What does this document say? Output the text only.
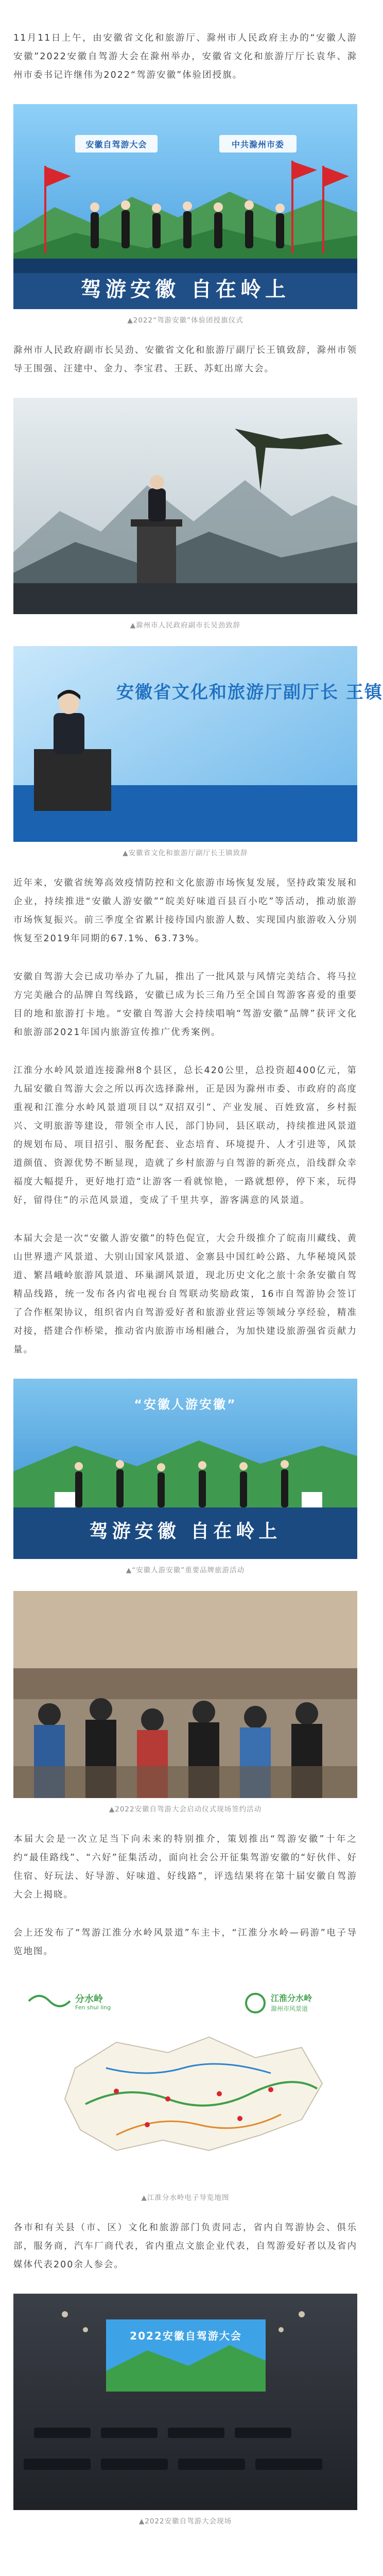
11月11日上午，由安徽省文化和旅游厅、滁州市人民政府主办的“安徽人游安徽”2022安徽自驾游大会在滁州举办，安徽省文化和旅游厅厅长袁华、滁州市委书记许继伟为2022“驾游安徽”体验团授旗。

安徽自驾游大会	中共滁州市委
驾游安徽 自在岭上
▲2022“驾游安徽”体验团授旗仪式

滁州市人民政府副市长吴劲、安徽省文化和旅游厅副厅长王镇致辞，滁州市领导王围强、汪建中、金力、李宝君、王跃、苏虹出席大会。

▲滁州市人民政府副市长吴劲致辞
安徽省文化和旅游厅副厅长 王镇
▲安徽省文化和旅游厅副厅长王镇致辞

近年来，安徽省统筹高效疫情防控和文化旅游市场恢复发展，坚持政策发展和企业，持续推进“安徽人游安徽”“皖美好味道百县百小吃”等活动，推动旅游市场恢复振兴。前三季度全省累计接待国内旅游人数、实现国内旅游收入分别恢复至2019年同期的67.1%、63.73%。

安徽自驾游大会已成功举办了九届，推出了一批风景与风情完美结合、将马拉方完美融合的品牌自驾线路，安徽已成为长三角乃至全国自驾游客喜爱的重要目的地和旅游打卡地。“安徽自驾游大会持续唱响“驾游安徽”品牌”获评文化和旅游部2021年国内旅游宣传推广优秀案例。

江淮分水岭风景道连接滁州8个县区，总长420公里，总投资超400亿元，第九届安徽自驾游大会之所以再次选择滁州，正是因为滁州市委、市政府的高度重视和江淮分水岭风景道项目以“双招双引”、产业发展、百姓致富，乡村振兴、文明旅游等建设，带领全市人民，部门协同，县区联动，持续推进风景道的规划布局、项目招引、服务配套、业态培育、环境提升、人才引进等，风景道颜值、资源优势不断显现，造就了乡村旅游与自驾游的新亮点，沿线群众幸福度大幅提升，更好地打造“让游客一看就惊艳，一路就想停，停下来，玩得好，留得住”的示范风景道，变成了千里共享，游客满意的风景道。

本届大会是一次“安徽人游安徽”的特色促宣，大会升级推介了皖南川藏线、黄山世界遗产风景道、大别山国家风景道、金寨县中国红岭公路、九华秘境风景道、繁昌峨岭旅游风景道、环巢湖风景道，现北历史文化之旅十余条安徽自驾精品线路，统一发布各内省电视台自驾联动奖励政策，16市自驾游协会签订了合作框架协议，组织省内自驾游爱好者和旅游业营运等领域分享经验，精准对接，搭建合作桥梁，推动省内旅游市场相融合，为加快建设旅游强省贡献力量。

“安徽人游安徽”
驾游安徽 自在岭上
▲“安徽人游安徽”重要品牌旅游活动
▲2022安徽自驾游大会启动仪式现场签约活动

本届大会是一次立足当下向未来的特别推介，策划推出“驾游安徽”十年之约“最佳路线”、“六好”征集活动，面向社会公开征集驾游安徽的“好伙伴、好住宿、好玩法、好导游、好味道、好线路”，评选结果将在第十届安徽自驾游大会上揭晓。

会上还发布了“驾游江淮分水岭风景道”车主卡，“江淮分水岭—码游”电子导览地图。

分水岭
Fen shui ling
江淮分水岭
滁州市风景道
▲江淮分水岭电子导览地图

各市和有关县（市、区）文化和旅游部门负责同志，省内自驾游协会、俱乐部，服务商，汽车厂商代表，省内重点文旅企业代表，自驾游爱好者以及省内媒体代表200余人参会。

2022安徽自驾游大会
▲2022安徽自驾游大会现场
